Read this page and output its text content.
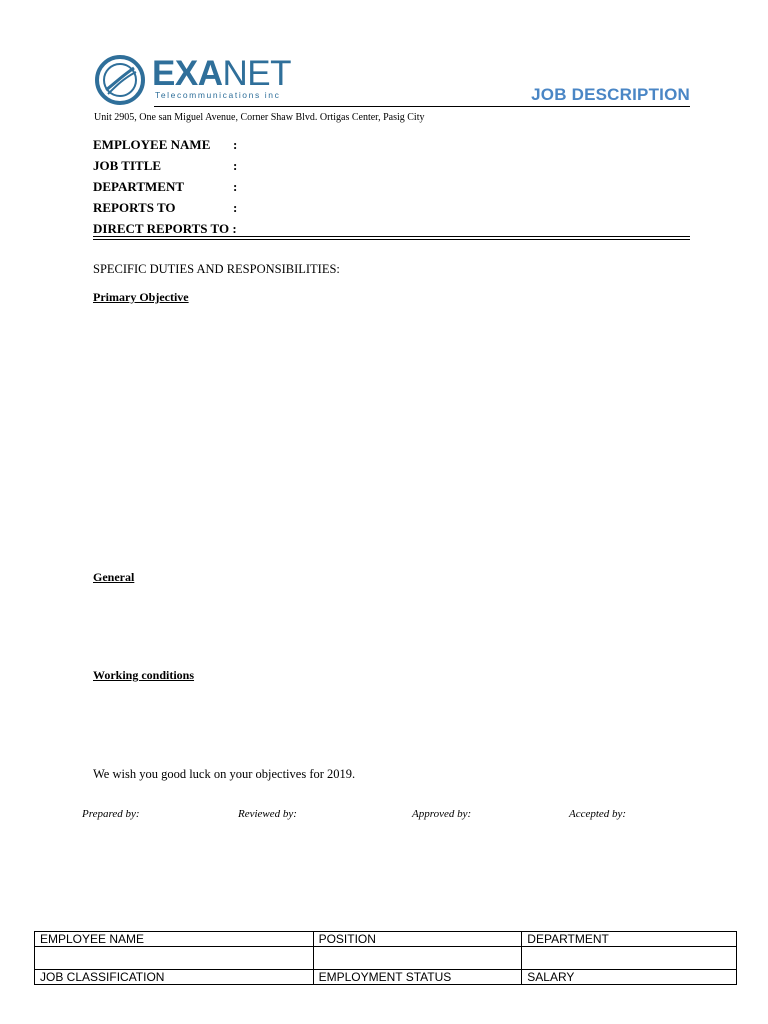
EXANET
Telecommunications inc	JOB DESCRIPTION
Unit 2905, One san Miguel Avenue, Corner Shaw Blvd. Ortigas Center, Pasig City
EMPLOYEE NAME :
JOB TITLE	:
DEPARTMENT	:
REPORTS TO	:
DIRECT REPORTS TO :
SPECIFIC DUTIES AND RESPONSIBILITIES:
Primary Objective
General
Working conditions
We wish you good luck on your objectives for 2019.
Prepared by:	Reviewed by:	Approved by:	Accepted by:
EMPLOYEE NAME	POSITION	DEPARTMENT

JOB CLASSIFICATION	EMPLOYMENT STATUS	SALARY
